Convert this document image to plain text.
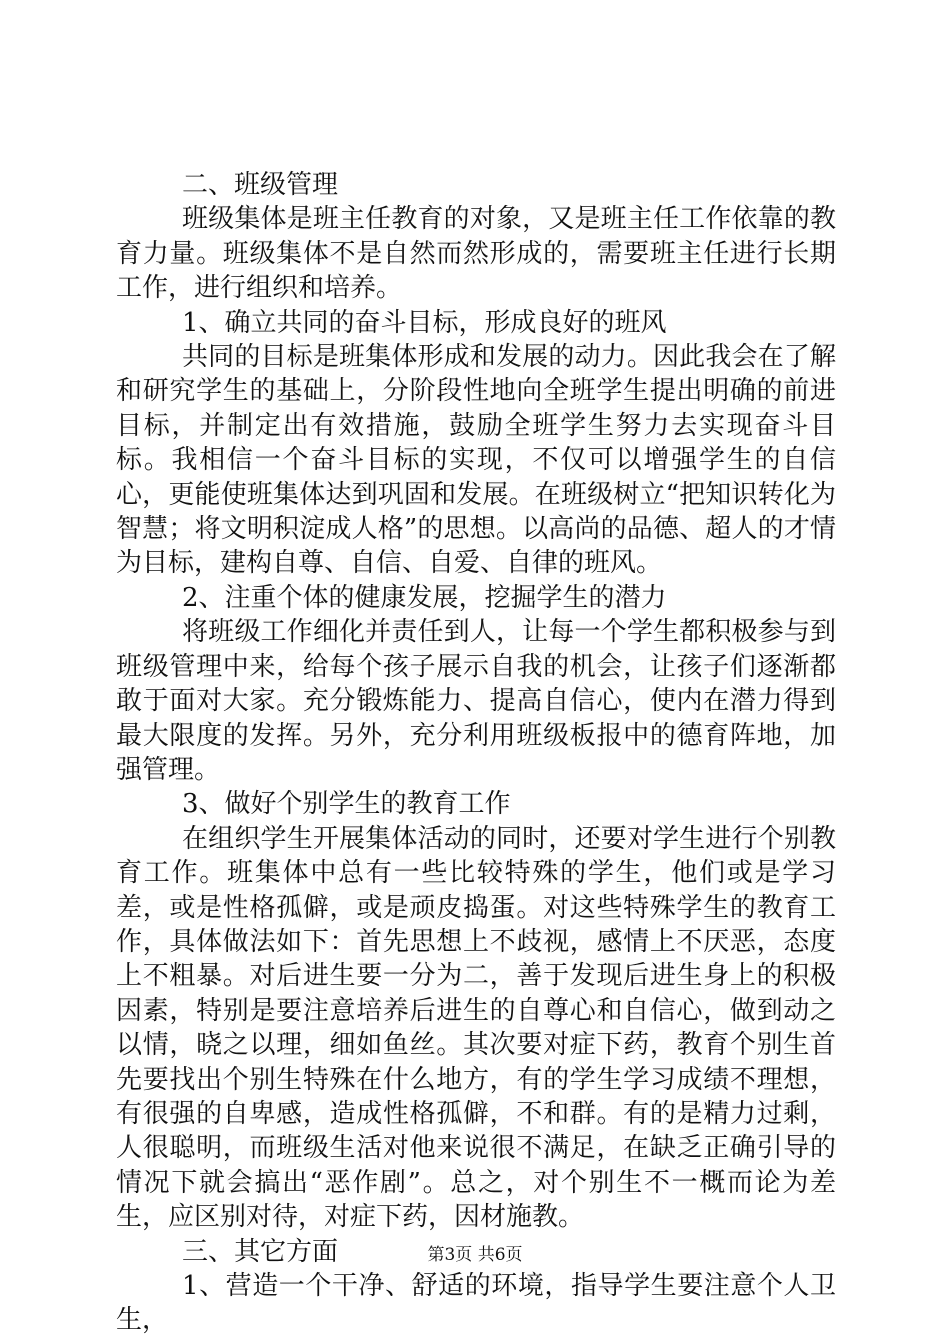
二、班级管理

班级集体是班主任教育的对象，又是班主任工作依靠的教育力量。班级集体不是自然而然形成的，需要班主任进行长期工作，进行组织和培养。

1、确立共同的奋斗目标，形成良好的班风

共同的目标是班集体形成和发展的动力。因此我会在了解和研究学生的基础上，分阶段性地向全班学生提出明确的前进目标，并制定出有效措施，鼓励全班学生努力去实现奋斗目标。我相信一个奋斗目标的实现，不仅可以增强学生的自信心，更能使班集体达到巩固和发展。在班级树立“把知识转化为智慧；将文明积淀成人格”的思想。以高尚的品德、超人的才情为目标，建构自尊、自信、自爱、自律的班风。

2、注重个体的健康发展，挖掘学生的潜力

将班级工作细化并责任到人，让每一个学生都积极参与到班级管理中来，给每个孩子展示自我的机会，让孩子们逐渐都敢于面对大家。充分锻炼能力、提高自信心，使内在潜力得到最大限度的发挥。另外，充分利用班级板报中的德育阵地，加强管理。

3、做好个别学生的教育工作

在组织学生开展集体活动的同时，还要对学生进行个别教育工作。班集体中总有一些比较特殊的学生，他们或是学习差，或是性格孤僻，或是顽皮捣蛋。对这些特殊学生的教育工作，具体做法如下：首先思想上不歧视，感情上不厌恶，态度上不粗暴。对后进生要一分为二，善于发现后进生身上的积极因素，特别是要注意培养后进生的自尊心和自信心，做到动之以情，晓之以理，细如鱼丝。其次要对症下药，教育个别生首先要找出个别生特殊在什么地方，有的学生学习成绩不理想，有很强的自卑感，造成性格孤僻，不和群。有的是精力过剩，人很聪明，而班级生活对他来说很不满足，在缺乏正确引导的情况下就会搞出“恶作剧”。总之，对个别生不一概而论为差生，应区别对待，对症下药，因材施教。

三、其它方面

1、营造一个干净、舒适的环境，指导学生要注意个人卫生，

第3页 共6页
